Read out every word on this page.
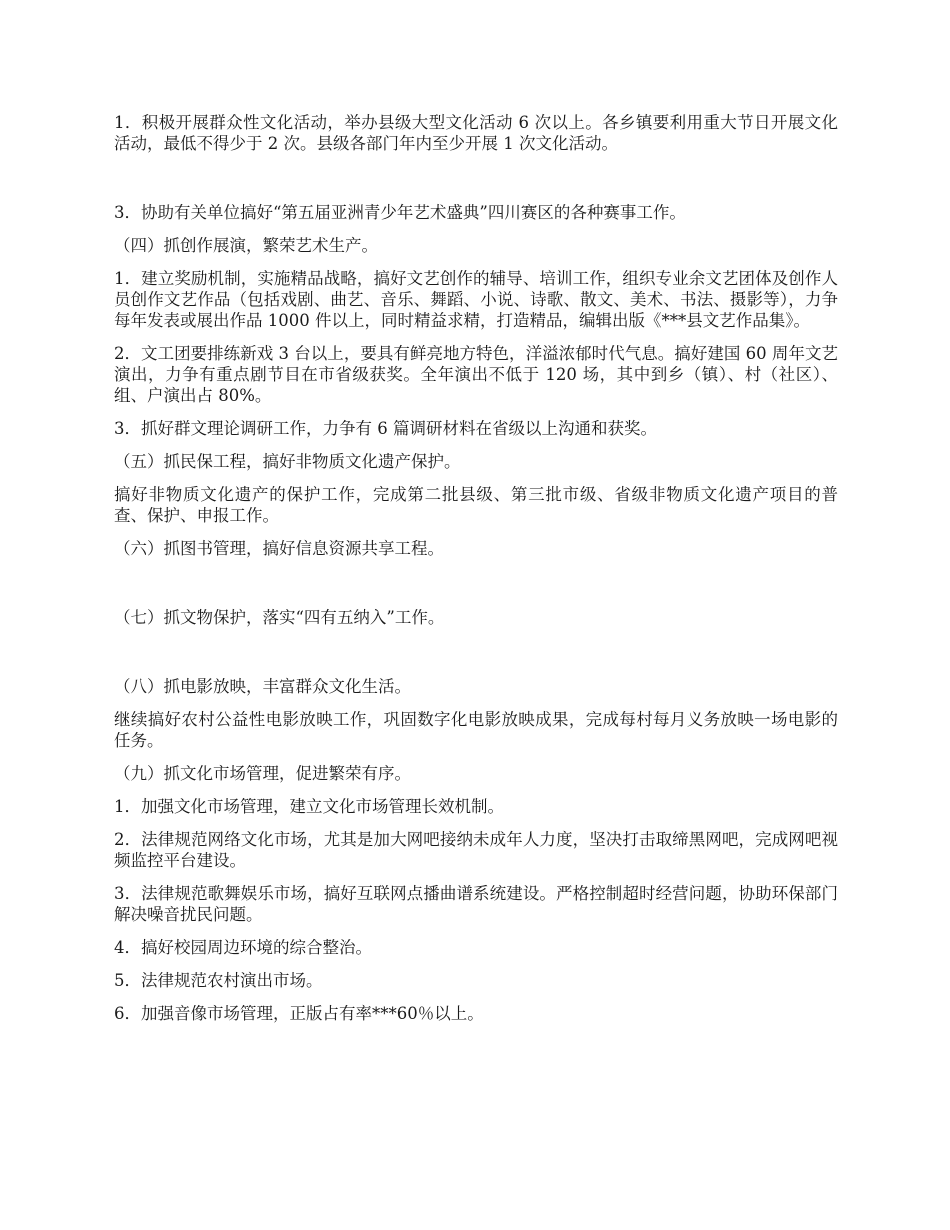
1．积极开展群众性文化活动，举办县级大型文化活动 6 次以上。各乡镇要利用重大节日开展文化活动，最低不得少于 2 次。县级各部门年内至少开展 1 次文化活动。

3．协助有关单位搞好“第五届亚洲青少年艺术盛典”四川赛区的各种赛事工作。

（四）抓创作展演，繁荣艺术生产。

1．建立奖励机制，实施精品战略，搞好文艺创作的辅导、培训工作，组织专业余文艺团体及创作人员创作文艺作品（包括戏剧、曲艺、音乐、舞蹈、小说、诗歌、散文、美术、书法、摄影等），力争每年发表或展出作品 1000 件以上，同时精益求精，打造精品，编辑出版《***县文艺作品集》。

2．文工团要排练新戏 3 台以上，要具有鲜亮地方特色，洋溢浓郁时代气息。搞好建国 60 周年文艺演出，力争有重点剧节目在市省级获奖。全年演出不低于 120 场，其中到乡（镇）、村（社区）、组、户演出占 80%。

3．抓好群文理论调研工作，力争有 6 篇调研材料在省级以上沟通和获奖。

（五）抓民保工程，搞好非物质文化遗产保护。

搞好非物质文化遗产的保护工作，完成第二批县级、第三批市级、省级非物质文化遗产项目的普查、保护、申报工作。

（六）抓图书管理，搞好信息资源共享工程。

（七）抓文物保护，落实“四有五纳入”工作。

（八）抓电影放映，丰富群众文化生活。

继续搞好农村公益性电影放映工作，巩固数字化电影放映成果，完成每村每月义务放映一场电影的任务。

（九）抓文化市场管理，促进繁荣有序。

1．加强文化市场管理，建立文化市场管理长效机制。

2．法律规范网络文化市场，尤其是加大网吧接纳未成年人力度，坚决打击取缔黑网吧，完成网吧视频监控平台建设。

3．法律规范歌舞娱乐市场，搞好互联网点播曲谱系统建设。严格控制超时经营问题，协助环保部门解决噪音扰民问题。

4．搞好校园周边环境的综合整治。

5．法律规范农村演出市场。

6．加强音像市场管理，正版占有率***60％以上。
